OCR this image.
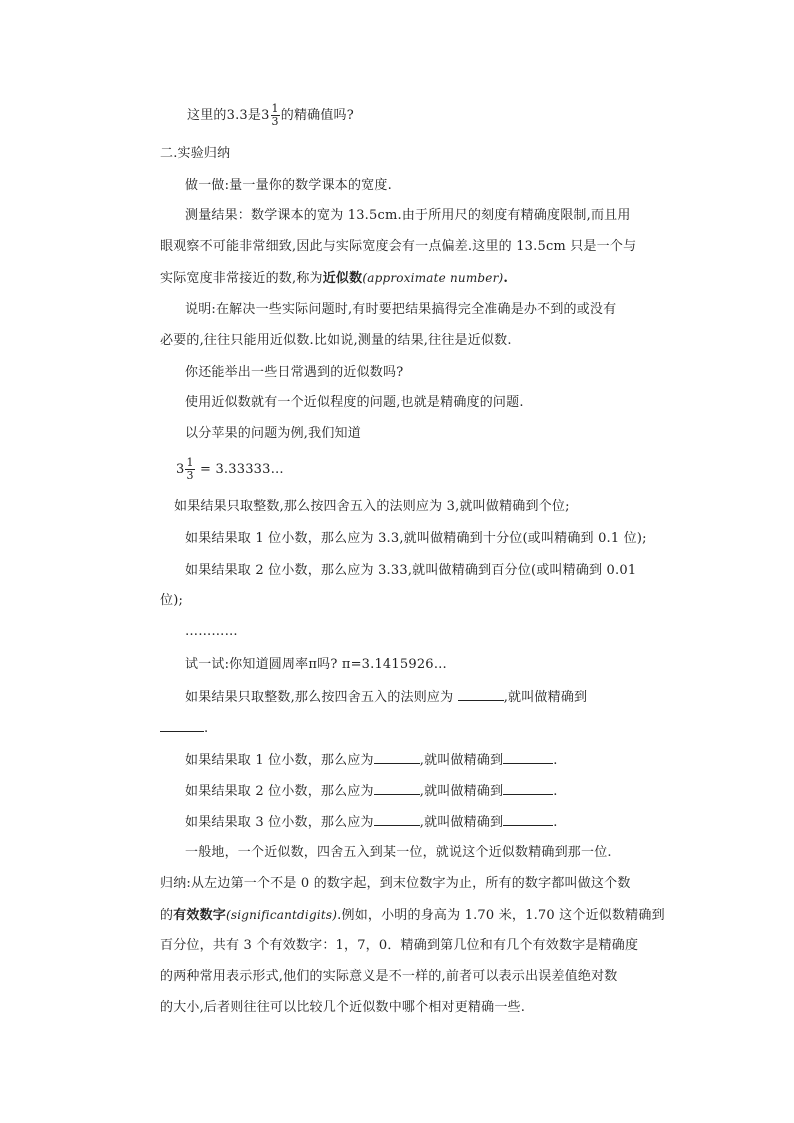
这里的3.3是$3 \frac{1}{3}$ 的精确值吗?
二.实验归纳
做一做:量一量你的数学课本的宽度.
测量结果：数学课本的宽为 13.5cm.由于所用尺的刻度有精确度限制,而且用
眼观察不可能非常细致,因此与实际宽度会有一点偏差.这里的 13.5cm 只是一个与
实际宽度非常接近的数,称为近似数(approximate number).
说明:在解决一些实际问题时,有时要把结果搞得完全准确是办不到的或没有
必要的,往往只能用近似数.比如说,测量的结果,往往是近似数.
你还能举出一些日常遇到的近似数吗?
使用近似数就有一个近似程度的问题,也就是精确度的问题.
以分苹果的问题为例,我们知道
$3 \frac{1}{3}$ = 3.33333…
如果结果只取整数,那么按四舍五入的法则应为 3,就叫做精确到个位;
如果结果取 1 位小数，那么应为 3.3,就叫做精确到十分位(或叫精确到 0.1 位);
如果结果取 2 位小数，那么应为 3.33,就叫做精确到百分位(或叫精确到 0.01
位);
…………
试一试:你知道圆周率π吗? π=3.1415926…
如果结果只取整数,那么按四舍五入的法则应为	,就叫做精确到
.
如果结果取 1 位小数，那么应为	,就叫做精确到	.
如果结果取 2 位小数，那么应为	,就叫做精确到	.
如果结果取 3 位小数，那么应为	,就叫做精确到	.
一般地，一个近似数，四舍五入到某一位，就说这个近似数精确到那一位.
归纳:从左边第一个不是 0 的数字起，到末位数字为止，所有的数字都叫做这个数
的有效数字(significantdigits).例如，小明的身高为 1.70 米，1.70 这个近似数精确到
百分位，共有 3 个有效数字：1，7，0．精确到第几位和有几个有效数字是精确度
的两种常用表示形式,他们的实际意义是不一样的,前者可以表示出误差值绝对数
的大小,后者则往往可以比较几个近似数中哪个相对更精确一些.
